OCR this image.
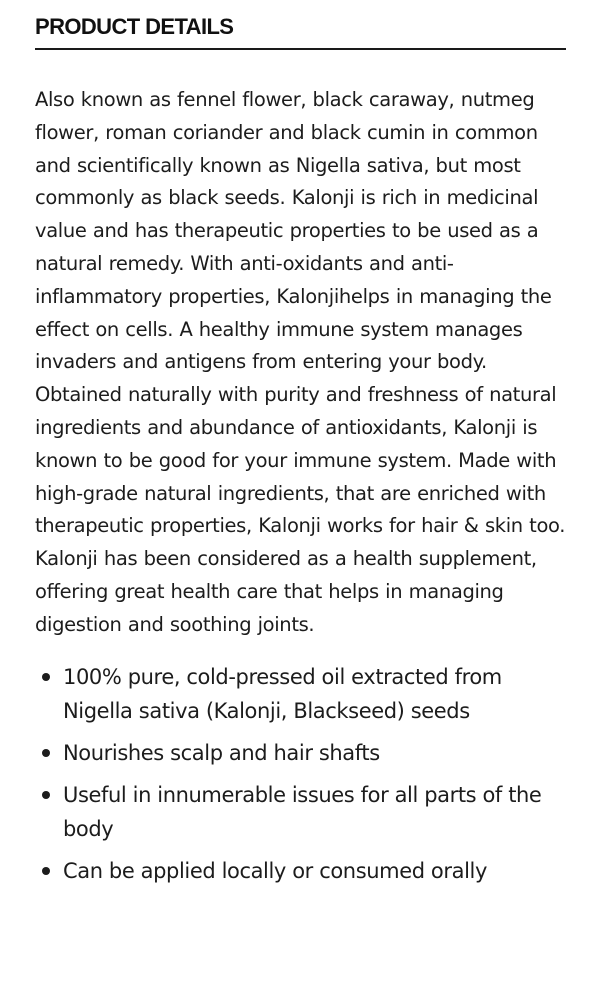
PRODUCT DETAILS

Also known as fennel flower, black caraway, nutmeg flower, roman coriander and black cumin in common and scientifically known as Nigella sativa, but most commonly as black seeds. Kalonji is rich in medicinal value and has therapeutic properties to be used as a natural remedy. With anti-oxidants and anti-inflammatory properties, Kalonjihelps in managing the effect on cells. A healthy immune system manages invaders and antigens from entering your body. Obtained naturally with purity and freshness of natural ingredients and abundance of antioxidants, Kalonji is known to be good for your immune system. Made with high-grade natural ingredients, that are enriched with therapeutic properties, Kalonji works for hair & skin too. Kalonji has been considered as a health supplement, offering great health care that helps in managing digestion and soothing joints.

100% pure, cold-pressed oil extracted from Nigella sativa (Kalonji, Blackseed) seeds
Nourishes scalp and hair shafts
Useful in innumerable issues for all parts of the body
Can be applied locally or consumed orally
